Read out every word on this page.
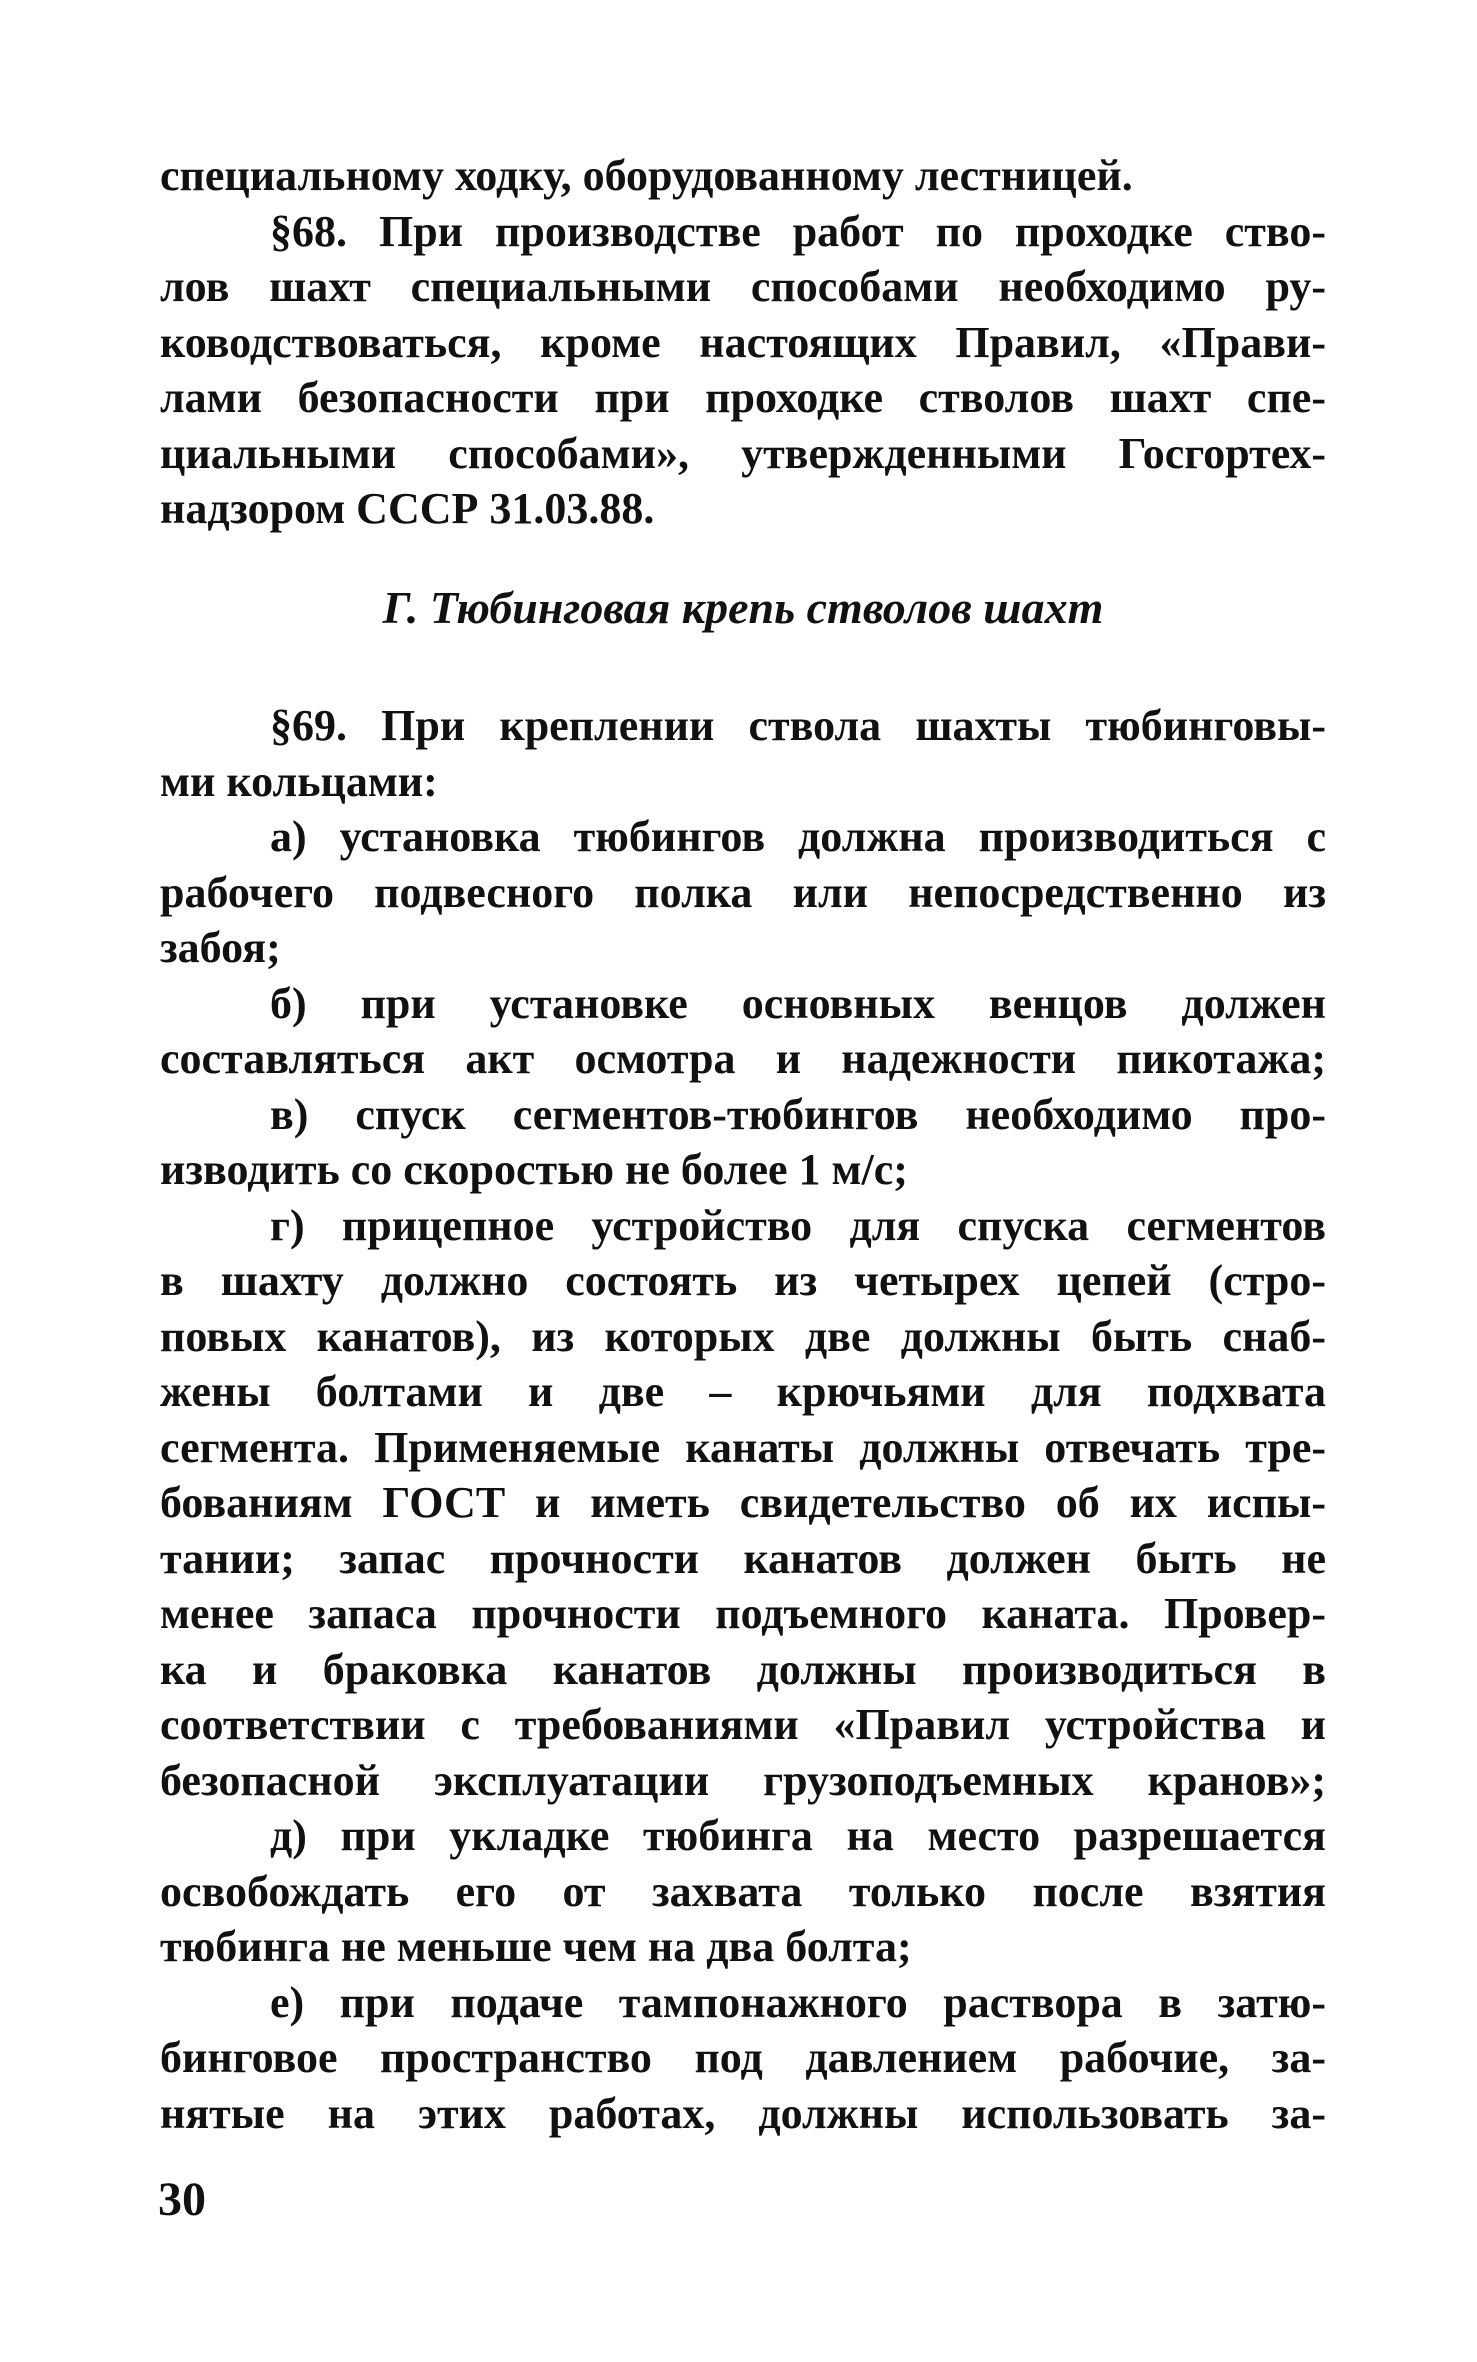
специальному ходку, оборудованному лестницей.
§68. При производстве работ по проходке ство-
лов шахт специальными способами необходимо ру-
ководствоваться, кроме настоящих Правил, «Прави-
лами безопасности при проходке стволов шахт спе-
циальными способами», утвержденными Госгортех-
надзором СССР 31.03.88.
Г. Тюбинговая крепь стволов шахт
§69. При креплении ствола шахты тюбинговы-
ми кольцами:
а) установка тюбингов должна производиться с
рабочего подвесного полка или непосредственно из
забоя;
б) при установке основных венцов должен
составляться акт осмотра и надежности пикотажа;
в) спуск сегментов-тюбингов необходимо про-
изводить со скоростью не более 1 м/с;
г) прицепное устройство для спуска сегментов
в шахту должно состоять из четырех цепей (стро-
повых канатов), из которых две должны быть снаб-
жены болтами и две – крючьями для подхвата
сегмента. Применяемые канаты должны отвечать тре-
бованиям ГОСТ и иметь свидетельство об их испы-
тании; запас прочности канатов должен быть не
менее запаса прочности подъемного каната. Провер-
ка и браковка канатов должны производиться в
соответствии с требованиями «Правил устройства и
безопасной эксплуатации грузоподъемных кранов»;
д) при укладке тюбинга на место разрешается
освобождать его от захвата только после взятия
тюбинга не меньше чем на два болта;
е) при подаче тампонажного раствора в затю-
бинговое пространство под давлением рабочие, за-
нятые на этих работах, должны использовать за-
30
